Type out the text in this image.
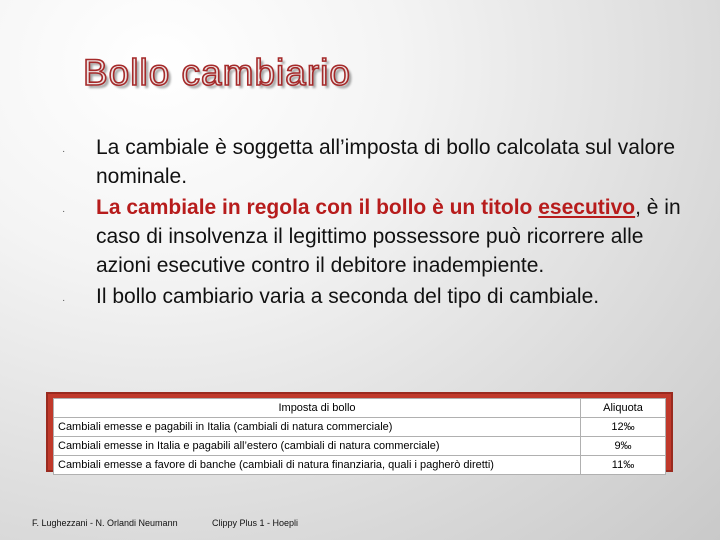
Bollo cambiario
· La cambiale è soggetta all’imposta di bollo calcolata sul valore nominale.
· La cambiale in regola con il bollo è un titolo esecutivo, è in caso di insolvenza il legittimo possessore può ricorrere alle azioni esecutive contro il debitore inadempiente.
· Il bollo cambiario varia a seconda del tipo di cambiale.
Imposta di bollo	Aliquota
Cambiali emesse e pagabili in Italia (cambiali di natura commerciale)	12‰
Cambiali emesse in Italia e pagabili all’estero (cambiali di natura commerciale)	9‰
Cambiali emesse a favore di banche (cambiali di natura finanziaria, quali i pagherò diretti)	11‰
F. Lughezzani - N. Orlandi Neumann	Clippy Plus 1 - Hoepli
